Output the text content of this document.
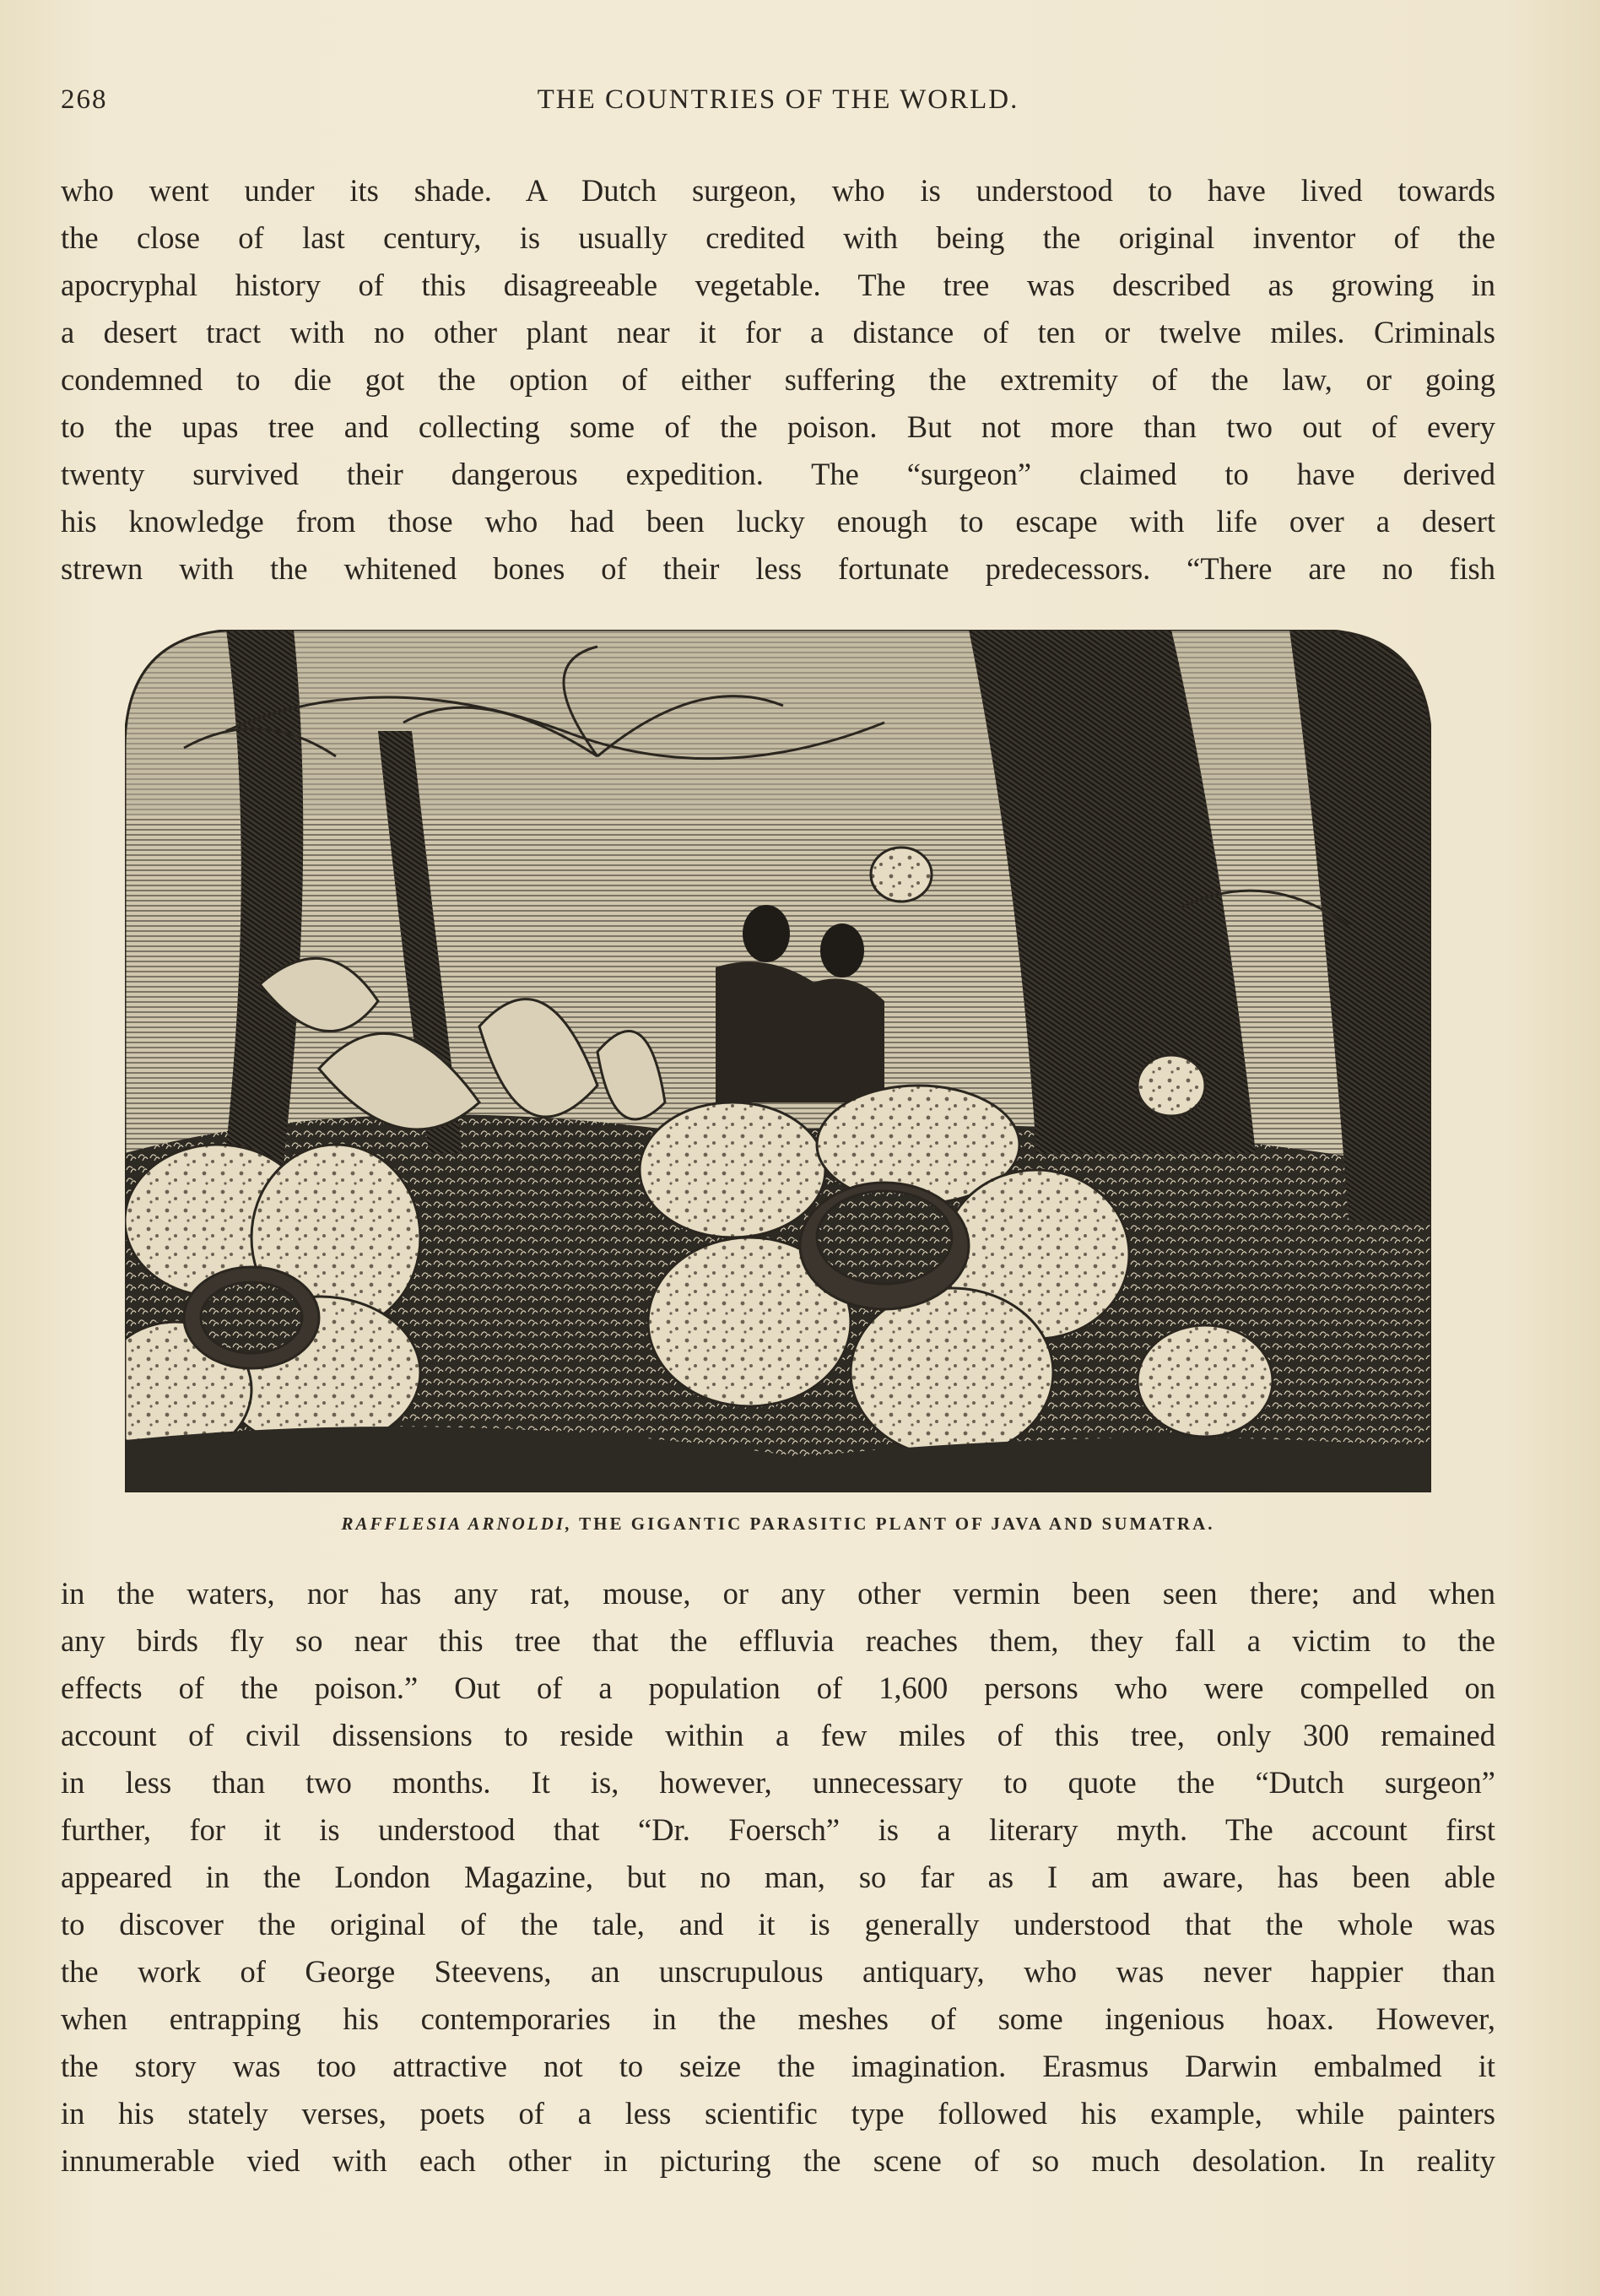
268	THE COUNTRIES OF THE WORLD.
who went under its shade. A Dutch surgeon, who is understood to have lived towards
the close of last century, is usually credited with being the original inventor of the
apocryphal history of this disagreeable vegetable. The tree was described as growing in
a desert tract with no other plant near it for a distance of ten or twelve miles. Criminals
condemned to die got the option of either suffering the extremity of the law, or going
to the upas tree and collecting some of the poison. But not more than two out of every
twenty survived their dangerous expedition. The “surgeon” claimed to have derived
his knowledge from those who had been lucky enough to escape with life over a desert
strewn with the whitened bones of their less fortunate predecessors. “There are no fish
RAFFLESIA ARNOLDI, THE GIGANTIC PARASITIC PLANT OF JAVA AND SUMATRA.
in the waters, nor has any rat, mouse, or any other vermin been seen there; and when
any birds fly so near this tree that the effluvia reaches them, they fall a victim to the
effects of the poison.” Out of a population of 1,600 persons who were compelled on
account of civil dissensions to reside within a few miles of this tree, only 300 remained
in less than two months. It is, however, unnecessary to quote the “Dutch surgeon”
further, for it is understood that “Dr. Foersch” is a literary myth. The account first
appeared in the London Magazine, but no man, so far as I am aware, has been able
to discover the original of the tale, and it is generally understood that the whole was
the work of George Steevens, an unscrupulous antiquary, who was never happier than
when entrapping his contemporaries in the meshes of some ingenious hoax. However,
the story was too attractive not to seize the imagination. Erasmus Darwin embalmed it
in his stately verses, poets of a less scientific type followed his example, while painters
innumerable vied with each other in picturing the scene of so much desolation. In reality
